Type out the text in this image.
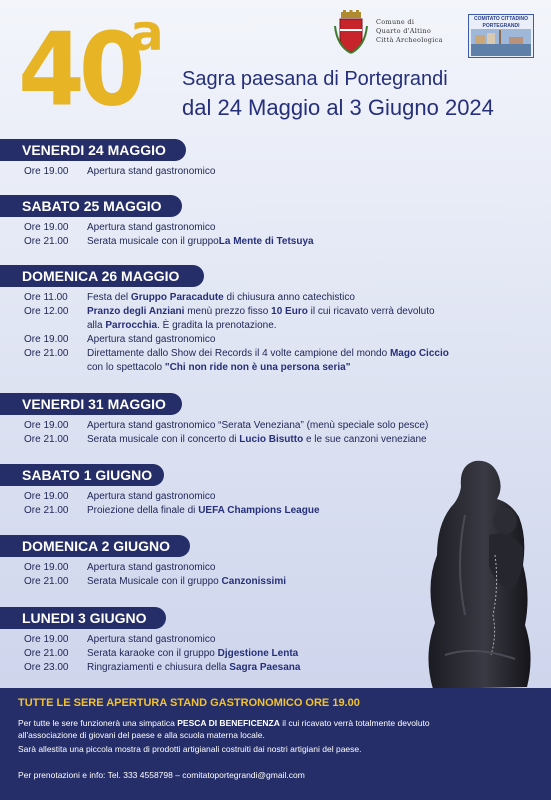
40
a
Sagra paesana di Portegrandi
dal 24 Maggio al 3 Giugno 2024
Comune di
Quarto d'Altino
Città Archeologica
COMITATO CITTADINO
PORTEGRANDI
VENERDI 24 MAGGIO
Ore 19.00 Apertura stand gastronomico
SABATO 25 MAGGIO
Ore 19.00 Apertura stand gastronomico
Ore 21.00 Serata musicale con il gruppoLa Mente di Tetsuya
DOMENICA 26 MAGGIO
Ore 11.00 Festa del Gruppo Paracadute di chiusura anno catechistico
Ore 12.00 Pranzo degli Anziani menù prezzo fisso 10 Euro il cui ricavato verrà devoluto
alla Parrocchia. È gradita la prenotazione.
Ore 19.00 Apertura stand gastronomico
Ore 21.00 Direttamente dallo Show dei Records il 4 volte campione del mondo Mago Ciccio
con lo spettacolo "Chi non ride non è una persona seria"
VENERDI 31 MAGGIO
Ore 19.00 Apertura stand gastronomico “Serata Veneziana” (menù speciale solo pesce)
Ore 21.00 Serata musicale con il concerto di Lucio Bisutto e le sue canzoni veneziane
SABATO 1 GIUGNO
Ore 19.00 Apertura stand gastronomico
Ore 21.00 Proiezione della finale di UEFA Champions League
DOMENICA 2 GIUGNO
Ore 19.00 Apertura stand gastronomico
Ore 21.00 Serata Musicale con il gruppo Canzonissimi
LUNEDI 3 GIUGNO
Ore 19.00 Apertura stand gastronomico
Ore 21.00 Serata karaoke con il gruppo Djgestione Lenta
Ore 23.00 Ringraziamenti e chiusura della Sagra Paesana
TUTTE LE SERE APERTURA STAND GASTRONOMICO ORE 19.00
Per tutte le sere funzionerà una simpatica PESCA DI BENEFICENZA il cui ricavato verrà totalmente devoluto
all'associazione di giovani del paese e alla scuola materna locale.
Sarà allestita una piccola mostra di prodotti artigianali costruiti dai nostri artigiani del paese.
Per prenotazioni e info: Tel. 333 4558798 – comitatoportegrandi@gmail.com
